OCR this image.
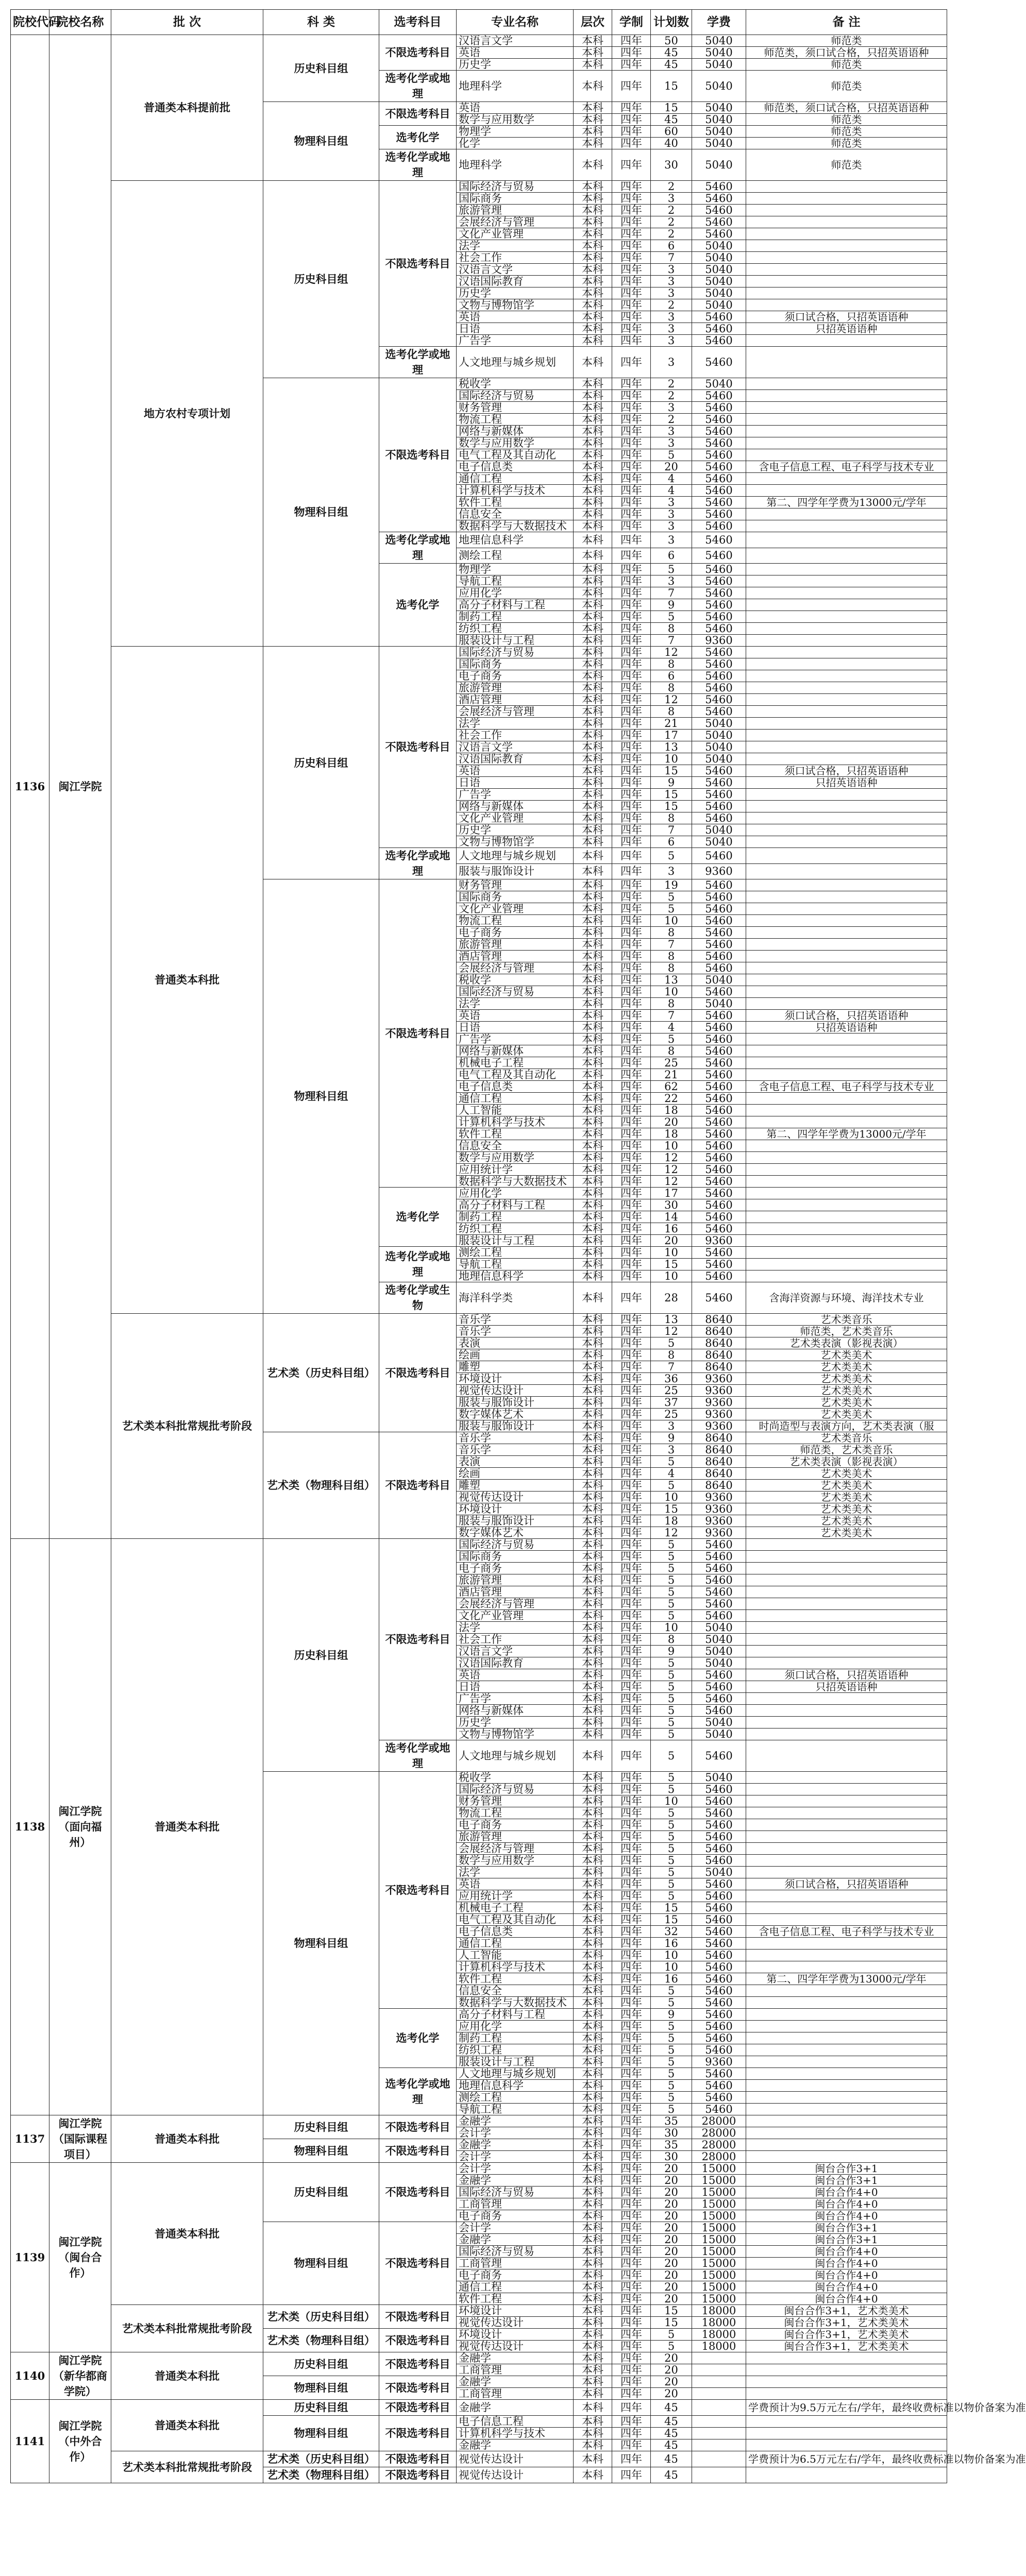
院校代码	院校名称	批 次	科 类	选考科目	专业名称	层次	学制	计划数	学费	备 注
1136	闽江学院	普通类本科提前批	历史科目组	不限选考科目	汉语言文学	本科	四年	50	5040	师范类
					英语	本科	四年	45	5040	师范类，须口试合格，只招英语语种
					历史学	本科	四年	45	5040	师范类
				选考化学或地理	地理科学	本科	四年	15	5040	师范类
			物理科目组	不限选考科目	英语	本科	四年	15	5040	师范类，须口试合格，只招英语语种
					数学与应用数学	本科	四年	45	5040	师范类
				选考化学	物理学	本科	四年	60	5040	师范类
					化学	本科	四年	40	5040	师范类
				选考化学或地理	地理科学	本科	四年	30	5040	师范类
		地方农村专项计划	历史科目组	不限选考科目	国际经济与贸易	本科	四年	2	5460	
					国际商务	本科	四年	3	5460	
					旅游管理	本科	四年	2	5460	
					会展经济与管理	本科	四年	2	5460	
					文化产业管理	本科	四年	2	5460	
					法学	本科	四年	6	5040	
					社会工作	本科	四年	7	5040	
					汉语言文学	本科	四年	3	5040	
					汉语国际教育	本科	四年	3	5040	
					历史学	本科	四年	3	5040	
					文物与博物馆学	本科	四年	2	5040	
					英语	本科	四年	3	5460	须口试合格，只招英语语种
					日语	本科	四年	3	5460	只招英语语种
					广告学	本科	四年	3	5460	
				选考化学或地理	人文地理与城乡规划	本科	四年	3	5460	
			物理科目组	不限选考科目	税收学	本科	四年	2	5040	
					国际经济与贸易	本科	四年	2	5460	
					财务管理	本科	四年	3	5460	
					物流工程	本科	四年	2	5460	
					网络与新媒体	本科	四年	3	5460	
					数学与应用数学	本科	四年	3	5460	
					电气工程及其自动化	本科	四年	5	5460	
					电子信息类	本科	四年	20	5460	含电子信息工程、电子科学与技术专业
					通信工程	本科	四年	4	5460	
					计算机科学与技术	本科	四年	4	5460	
					软件工程	本科	四年	3	5460	第二、四学年学费为13000元/学年
					信息安全	本科	四年	3	5460	
					数据科学与大数据技术	本科	四年	3	5460	
				选考化学或地理	地理信息科学	本科	四年	3	5460	
					测绘工程	本科	四年	6	5460	
				选考化学	物理学	本科	四年	5	5460	
					导航工程	本科	四年	3	5460	
					应用化学	本科	四年	7	5460	
					高分子材料与工程	本科	四年	9	5460	
					制药工程	本科	四年	5	5460	
					纺织工程	本科	四年	8	5460	
					服装设计与工程	本科	四年	7	9360	
		普通类本科批	历史科目组	不限选考科目	国际经济与贸易	本科	四年	12	5460	
					国际商务	本科	四年	8	5460	
					电子商务	本科	四年	6	5460	
					旅游管理	本科	四年	8	5460	
					酒店管理	本科	四年	12	5460	
					会展经济与管理	本科	四年	8	5460	
					法学	本科	四年	21	5040	
					社会工作	本科	四年	17	5040	
					汉语言文学	本科	四年	13	5040	
					汉语国际教育	本科	四年	10	5040	
					英语	本科	四年	15	5460	须口试合格，只招英语语种
					日语	本科	四年	9	5460	只招英语语种
					广告学	本科	四年	15	5460	
					网络与新媒体	本科	四年	15	5460	
					文化产业管理	本科	四年	8	5460	
					历史学	本科	四年	7	5040	
					文物与博物馆学	本科	四年	6	5040	
				选考化学或地理	人文地理与城乡规划	本科	四年	5	5460	
					服装与服饰设计	本科	四年	3	9360	
			物理科目组	不限选考科目	财务管理	本科	四年	19	5460	
					国际商务	本科	四年	5	5460	
					文化产业管理	本科	四年	5	5460	
					物流工程	本科	四年	10	5460	
					电子商务	本科	四年	8	5460	
					旅游管理	本科	四年	7	5460	
					酒店管理	本科	四年	8	5460	
					会展经济与管理	本科	四年	8	5460	
					税收学	本科	四年	13	5040	
					国际经济与贸易	本科	四年	10	5460	
					法学	本科	四年	8	5040	
					英语	本科	四年	7	5460	须口试合格，只招英语语种
					日语	本科	四年	4	5460	只招英语语种
					广告学	本科	四年	5	5460	
					网络与新媒体	本科	四年	8	5460	
					机械电子工程	本科	四年	25	5460	
					电气工程及其自动化	本科	四年	21	5460	
					电子信息类	本科	四年	62	5460	含电子信息工程、电子科学与技术专业
					通信工程	本科	四年	22	5460	
					人工智能	本科	四年	18	5460	
					计算机科学与技术	本科	四年	20	5460	
					软件工程	本科	四年	18	5460	第二、四学年学费为13000元/学年
					信息安全	本科	四年	10	5460	
					数学与应用数学	本科	四年	12	5460	
					应用统计学	本科	四年	12	5460	
					数据科学与大数据技术	本科	四年	12	5460	
				选考化学	应用化学	本科	四年	17	5460	
					高分子材料与工程	本科	四年	30	5460	
					制药工程	本科	四年	14	5460	
					纺织工程	本科	四年	16	5460	
					服装设计与工程	本科	四年	20	9360	
				选考化学或地理	测绘工程	本科	四年	10	5460	
					导航工程	本科	四年	15	5460	
					地理信息科学	本科	四年	10	5460	
				选考化学或生物	海洋科学类	本科	四年	28	5460	含海洋资源与环境、海洋技术专业
		艺术类本科批常规批考阶段	艺术类（历史科目组）	不限选考科目	音乐学	本科	四年	13	8640	艺术类音乐
					音乐学	本科	四年	12	8640	师范类，艺术类音乐
					表演	本科	四年	5	8640	艺术类表演（影视表演）
					绘画	本科	四年	8	8640	艺术类美术
					雕塑	本科	四年	7	8640	艺术类美术
					环境设计	本科	四年	36	9360	艺术类美术
					视觉传达设计	本科	四年	25	9360	艺术类美术
					服装与服饰设计	本科	四年	37	9360	艺术类美术
					数字媒体艺术	本科	四年	25	9360	艺术类美术
					服装与服饰设计	本科	四年	3	9360	时尚造型与表演方向，艺术类表演（服
			艺术类（物理科目组）	不限选考科目	音乐学	本科	四年	9	8640	艺术类音乐
					音乐学	本科	四年	3	8640	师范类，艺术类音乐
					表演	本科	四年	5	8640	艺术类表演（影视表演）
					绘画	本科	四年	4	8640	艺术类美术
					雕塑	本科	四年	5	8640	艺术类美术
					视觉传达设计	本科	四年	10	9360	艺术类美术
					环境设计	本科	四年	15	9360	艺术类美术
					服装与服饰设计	本科	四年	18	9360	艺术类美术
					数字媒体艺术	本科	四年	12	9360	艺术类美术
1138	闽江学院（面向福州）	普通类本科批	历史科目组	不限选考科目	国际经济与贸易	本科	四年	5	5460	
					国际商务	本科	四年	5	5460	
					电子商务	本科	四年	5	5460	
					旅游管理	本科	四年	5	5460	
					酒店管理	本科	四年	5	5460	
					会展经济与管理	本科	四年	5	5460	
					文化产业管理	本科	四年	5	5460	
					法学	本科	四年	10	5040	
					社会工作	本科	四年	8	5040	
					汉语言文学	本科	四年	9	5040	
					汉语国际教育	本科	四年	5	5040	
					英语	本科	四年	5	5460	须口试合格，只招英语语种
					日语	本科	四年	5	5460	只招英语语种
					广告学	本科	四年	5	5460	
					网络与新媒体	本科	四年	5	5460	
					历史学	本科	四年	5	5040	
					文物与博物馆学	本科	四年	5	5040	
				选考化学或地理	人文地理与城乡规划	本科	四年	5	5460	
			物理科目组	不限选考科目	税收学	本科	四年	5	5040	
					国际经济与贸易	本科	四年	5	5460	
					财务管理	本科	四年	10	5460	
					物流工程	本科	四年	5	5460	
					电子商务	本科	四年	5	5460	
					旅游管理	本科	四年	5	5460	
					会展经济与管理	本科	四年	5	5460	
					数学与应用数学	本科	四年	5	5460	
					法学	本科	四年	5	5040	
					英语	本科	四年	5	5460	须口试合格，只招英语语种
					应用统计学	本科	四年	5	5460	
					机械电子工程	本科	四年	15	5460	
					电气工程及其自动化	本科	四年	15	5460	
					电子信息类	本科	四年	32	5460	含电子信息工程、电子科学与技术专业
					通信工程	本科	四年	16	5460	
					人工智能	本科	四年	10	5460	
					计算机科学与技术	本科	四年	10	5460	
					软件工程	本科	四年	16	5460	第二、四学年学费为13000元/学年
					信息安全	本科	四年	5	5460	
					数据科学与大数据技术	本科	四年	5	5460	
				选考化学	高分子材料与工程	本科	四年	9	5460	
					应用化学	本科	四年	5	5460	
					制药工程	本科	四年	5	5460	
					纺织工程	本科	四年	5	5460	
					服装设计与工程	本科	四年	5	9360	
				选考化学或地理	人文地理与城乡规划	本科	四年	5	5460	
					地理信息科学	本科	四年	5	5460	
					测绘工程	本科	四年	5	5460	
					导航工程	本科	四年	5	5460	
1137	闽江学院（国际课程项目）	普通类本科批	历史科目组	不限选考科目	金融学	本科	四年	35	28000	
					会计学	本科	四年	30	28000	
			物理科目组	不限选考科目	金融学	本科	四年	35	28000	
					会计学	本科	四年	30	28000	
1139	闽江学院（闽台合作）	普通类本科批	历史科目组	不限选考科目	会计学	本科	四年	20	15000	闽台合作3+1
					金融学	本科	四年	20	15000	闽台合作3+1
					国际经济与贸易	本科	四年	20	15000	闽台合作4+0
					工商管理	本科	四年	20	15000	闽台合作4+0
					电子商务	本科	四年	20	15000	闽台合作4+0
			物理科目组	不限选考科目	会计学	本科	四年	20	15000	闽台合作3+1
					金融学	本科	四年	20	15000	闽台合作3+1
					国际经济与贸易	本科	四年	20	15000	闽台合作4+0
					工商管理	本科	四年	20	15000	闽台合作4+0
					电子商务	本科	四年	20	15000	闽台合作4+0
					通信工程	本科	四年	20	15000	闽台合作4+0
					软件工程	本科	四年	20	15000	闽台合作4+0
		艺术类本科批常规批考阶段	艺术类（历史科目组）	不限选考科目	环境设计	本科	四年	15	18000	闽台合作3+1，艺术类美术
					视觉传达设计	本科	四年	15	18000	闽台合作3+1，艺术类美术
			艺术类（物理科目组）	不限选考科目	环境设计	本科	四年	5	18000	闽台合作3+1，艺术类美术
					视觉传达设计	本科	四年	5	18000	闽台合作3+1，艺术类美术
1140	闽江学院（新华都商学院）	普通类本科批	历史科目组	不限选考科目	金融学	本科	四年	20		
					工商管理	本科	四年	20		
			物理科目组	不限选考科目	金融学	本科	四年	20		
					工商管理	本科	四年	20		
1141	闽江学院（中外合作）	普通类本科批	历史科目组	不限选考科目	金融学	本科	四年	45		学费预计为9.5万元左右/学年，最终收费标准以物价备案为准
			物理科目组	不限选考科目	电子信息工程	本科	四年	45		
					计算机科学与技术	本科	四年	45		
					金融学	本科	四年	45		
		艺术类本科批常规批考阶段	艺术类（历史科目组）	不限选考科目	视觉传达设计	本科	四年	45		学费预计为6.5万元左右/学年，最终收费标准以物价备案为准
			艺术类（物理科目组）	不限选考科目	视觉传达设计	本科	四年	45		
